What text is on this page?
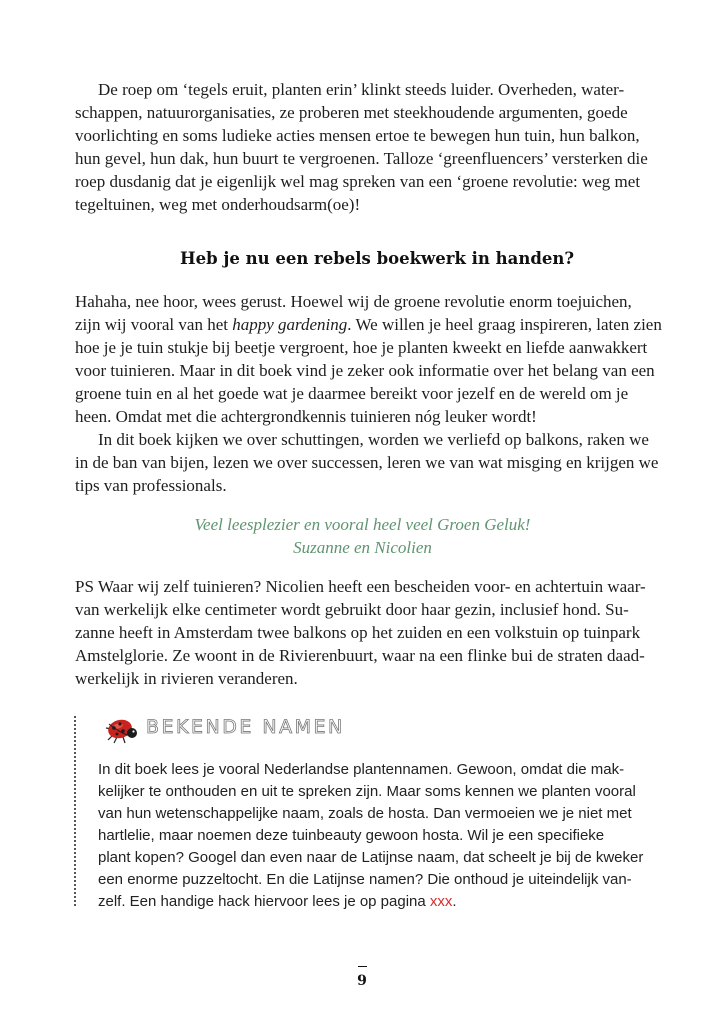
De roep om ‘tegels eruit, planten erin’ klinkt steeds luider. Overheden, water-
schappen, natuurorganisaties, ze proberen met steekhoudende argumenten, goede
voorlichting en soms ludieke acties mensen ertoe te bewegen hun tuin, hun balkon,
hun gevel, hun dak, hun buurt te vergroenen. Talloze ‘greenfluencers’ versterken die
roep dusdanig dat je eigenlijk wel mag spreken van een ‘groene revolutie: weg met
tegeltuinen, weg met onderhoudsarm(oe)!
Heb je nu een rebels boekwerk in handen?
Hahaha, nee hoor, wees gerust. Hoewel wij de groene revolutie enorm toejuichen,
zijn wij vooral van het happy gardening. We willen je heel graag inspireren, laten zien
hoe je je tuin stukje bij beetje vergroent, hoe je planten kweekt en liefde aanwakkert
voor tuinieren. Maar in dit boek vind je zeker ook informatie over het belang van een
groene tuin en al het goede wat je daarmee bereikt voor jezelf en de wereld om je
heen. Omdat met die achtergrondkennis tuinieren nóg leuker wordt!
In dit boek kijken we over schuttingen, worden we verliefd op balkons, raken we
in de ban van bijen, lezen we over successen, leren we van wat misging en krijgen we
tips van professionals.
Veel leesplezier en vooral heel veel Groen Geluk!
Suzanne en Nicolien
PS Waar wij zelf tuinieren? Nicolien heeft een bescheiden voor- en achtertuin waar-
van werkelijk elke centimeter wordt gebruikt door haar gezin, inclusief hond. Su-
zanne heeft in Amsterdam twee balkons op het zuiden en een volkstuin op tuinpark
Amstelglorie. Ze woont in de Rivierenbuurt, waar na een flinke bui de straten daad-
werkelijk in rivieren veranderen.
BEKENDE NAMEN
In dit boek lees je vooral Nederlandse plantennamen. Gewoon, omdat die mak-
kelijker te onthouden en uit te spreken zijn. Maar soms kennen we planten vooral
van hun wetenschappelijke naam, zoals de hosta. Dan vermoeien we je niet met
hartlelie, maar noemen deze tuinbeauty gewoon hosta. Wil je een specifieke
plant kopen? Googel dan even naar de Latijnse naam, dat scheelt je bij de kweker
een enorme puzzeltocht. En die Latijnse namen? Die onthoud je uiteindelijk van-
zelf. Een handige hack hiervoor lees je op pagina xxx.
9
